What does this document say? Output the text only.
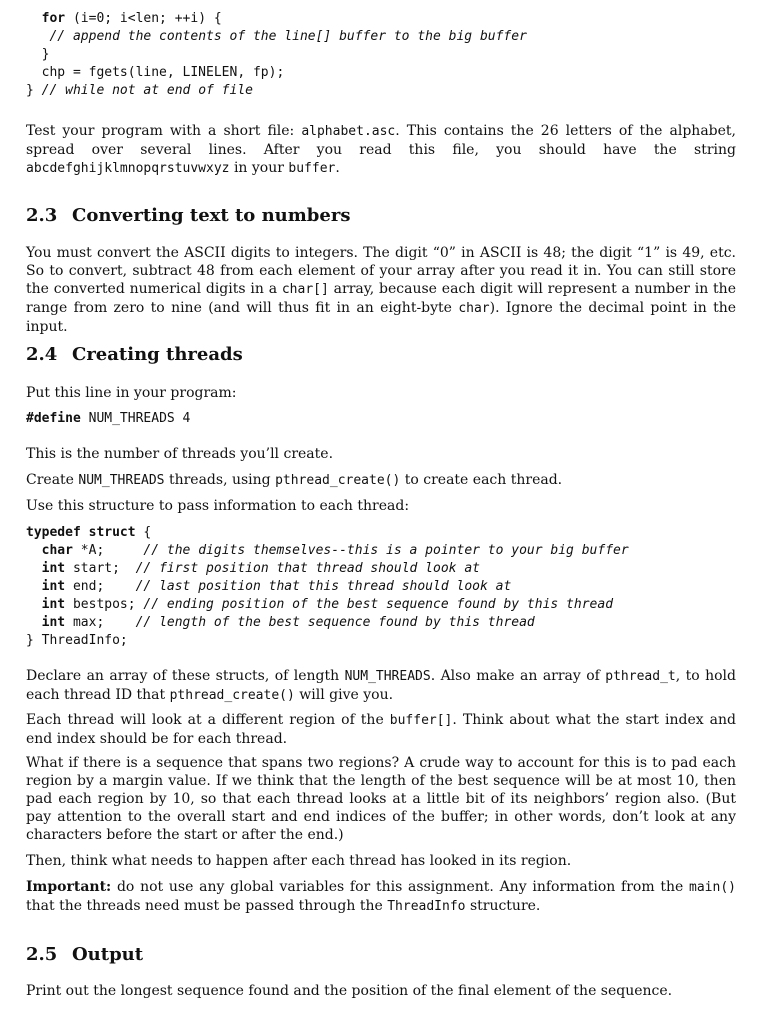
for (i=0; i<len; ++i) {
// append the contents of the line[] buffer to the big buffer
}
chp = fgets(line, LINELEN, fp);
} // while not at end of file

Test your program with a short file: alphabet.asc. This contains the 26 letters of the alphabet, spread over several lines. After you read this file, you should have the string abcdefghijklmnopqrstuvwxyz in your buffer.

2.3 Converting text to numbers

You must convert the ASCII digits to integers. The digit “0” in ASCII is 48; the digit “1” is 49, etc. So to convert, subtract 48 from each element of your array after you read it in. You can still store the converted numerical digits in a char[] array, because each digit will represent a number in the range from zero to nine (and will thus fit in an eight-byte char). Ignore the decimal point in the input.

2.4 Creating threads

Put this line in your program:

#define NUM_THREADS 4

This is the number of threads you’ll create.

Create NUM_THREADS threads, using pthread_create() to create each thread.

Use this structure to pass information to each thread:

typedef struct {
char *A;     // the digits themselves--this is a pointer to your big buffer
int start;  // first position that thread should look at
int end;    // last position that this thread should look at
int bestpos; // ending position of the best sequence found by this thread
int max;    // length of the best sequence found by this thread
} ThreadInfo;

Declare an array of these structs, of length NUM_THREADS. Also make an array of pthread_t, to hold each thread ID that pthread_create() will give you.

Each thread will look at a different region of the buffer[]. Think about what the start index and end index should be for each thread.

What if there is a sequence that spans two regions? A crude way to account for this is to pad each region by a margin value. If we think that the length of the best sequence will be at most 10, then pad each region by 10, so that each thread looks at a little bit of its neighbors’ region also. (But pay attention to the overall start and end indices of the buffer; in other words, don’t look at any characters before the start or after the end.)

Then, think what needs to happen after each thread has looked in its region.

Important: do not use any global variables for this assignment. Any information from the main() that the threads need must be passed through the ThreadInfo structure.

2.5 Output

Print out the longest sequence found and the position of the final element of the sequence.
